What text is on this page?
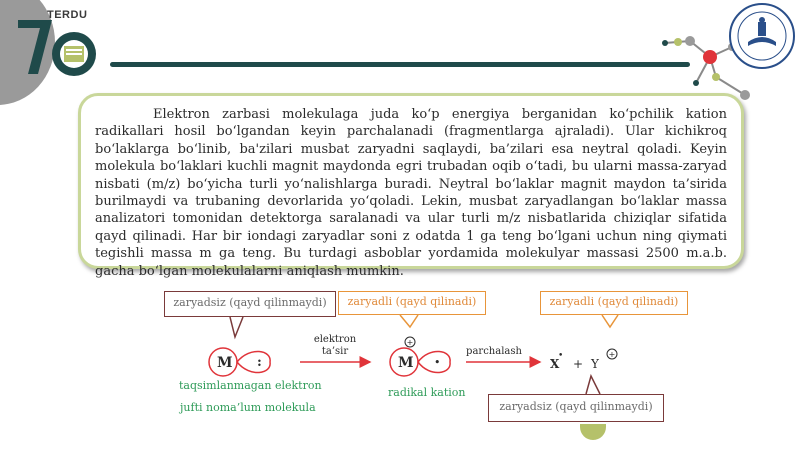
TERDU

Elektron zarbasi molekulaga juda ko‘p energiya berganidan ko‘pchilik kation radikallari hosil bo‘lgandan keyin parchalanadi (fragmentlarga ajraladi). Ular kichikroq bo‘laklarga bo‘linib, ba'zilari musbat zaryadni saqlaydi, ba’zilari esa neytral qoladi. Keyin molekula bo‘laklari kuchli magnit maydonda egri trubadan oqib o‘tadi, bu ularni massa-zaryad nisbati (m/z) bo‘yicha turli yo‘nalishlarga buradi. Neytral bo‘laklar magnit maydon ta’sirida burilmaydi va trubaning devorlarida yo‘qoladi. Lekin, musbat zaryadlangan bo‘laklar massa analizatori tomonidan detektorga saralanadi va ular turli m/z nisbatlarida chiziqlar sifatida qayd qilinadi. Har bir iondagi zaryadlar soni z odatda 1 ga teng bo‘lgani uchun ning qiymati tegishli massa m ga teng. Bu turdagi asboblar yordamida molekulyar massasi 2500 m.a.b. gacha bo‘lgan molekulalarni aniqlash mumkin.

zaryadsiz (qayd qilinmaydi)	zaryadli (qayd qilinadi)	zaryadli (qayd qilinadi)
zaryadsiz (qayd qilinmaydi)
M :
elektron
ta’sir
M •
+
parchalash
X
•
+ Y
+
taqsimlanmagan elektron
jufti noma’lum molekula
radikal kation
